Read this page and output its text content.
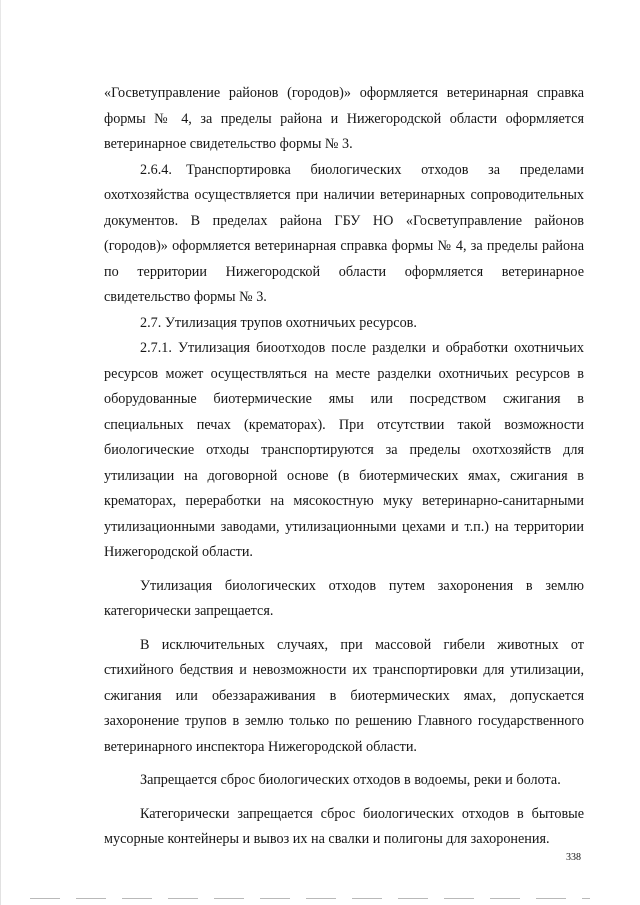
«Госветуправление районов (городов)» оформляется ветеринарная справка формы № 4, за пределы района и Нижегородской области оформляется ветеринарное свидетельство формы № 3.

2.6.4. Транспортировка биологических отходов за пределами охотхозяйства осуществляется при наличии ветеринарных сопроводительных документов. В пределах района ГБУ НО «Госветуправление районов (городов)» оформляется ветеринарная справка формы № 4, за пределы района по территории Нижегородской области оформляется ветеринарное свидетельство формы № 3.

2.7. Утилизация трупов охотничьих ресурсов.

2.7.1. Утилизация биоотходов после разделки и обработки охотничьих ресурсов может осуществляться на месте разделки охотничьих ресурсов в оборудованные биотермические ямы или посредством сжигания в специальных печах (крематорах). При отсутствии такой возможности биологические отходы транспортируются за пределы охотхозяйств для утилизации на договорной основе (в биотермических ямах, сжигания в крематорах, переработки на мясокостную муку ветеринарно-санитарными утилизационными заводами, утилизационными цехами и т.п.) на территории Нижегородской области.

Утилизация биологических отходов путем захоронения в землю категорически запрещается.

В исключительных случаях, при массовой гибели животных от стихийного бедствия и невозможности их транспортировки для утилизации, сжигания или обеззараживания в биотермических ямах, допускается захоронение трупов в землю только по решению Главного государственного ветеринарного инспектора Нижегородской области.

Запрещается сброс биологических отходов в водоемы, реки и болота.

Категорически запрещается сброс биологических отходов в бытовые мусорные контейнеры и вывоз их на свалки и полигоны для захоронения.

338
